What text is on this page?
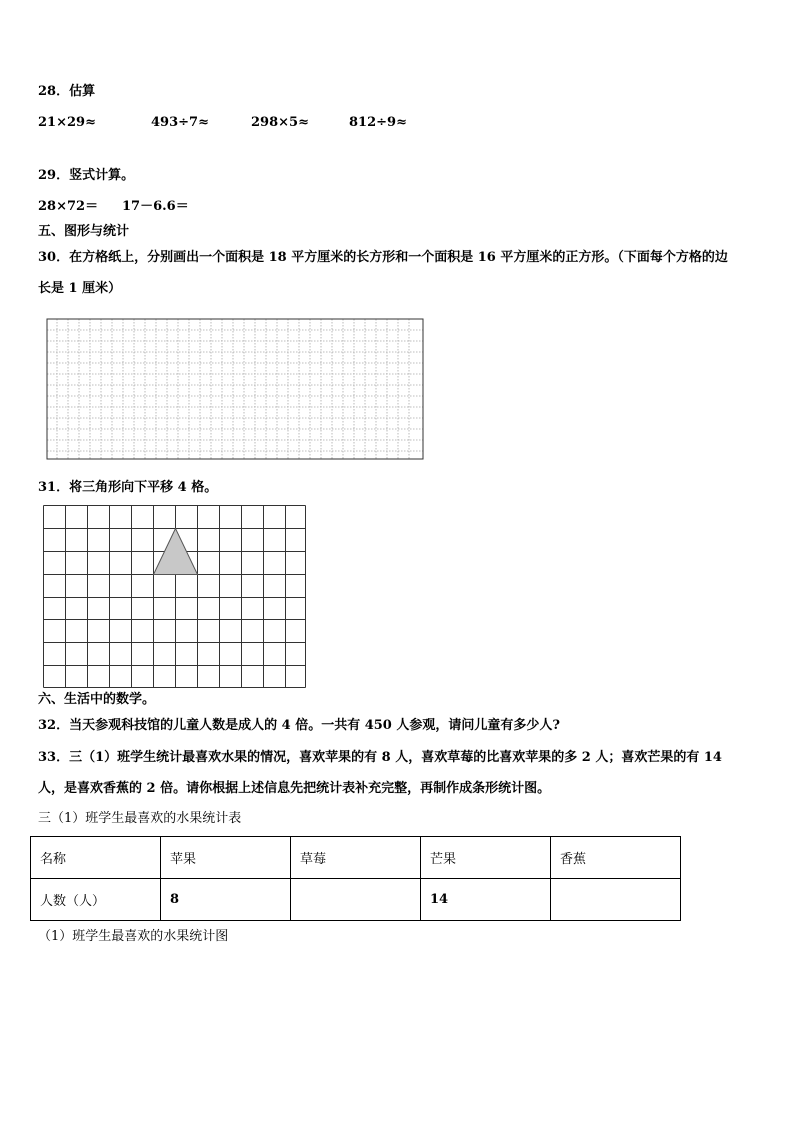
28．估算
21×29≈	493÷7≈	298×5≈	812÷9≈
29．竖式计算。
28×72＝ 17－6.6＝
五、图形与统计
30．在方格纸上，分别画出一个面积是 18 平方厘米的长方形和一个面积是 16 平方厘米的正方形。（下面每个方格的边
长是 1 厘米）
31．将三角形向下平移 4 格。
六、生活中的数学。
32．当天参观科技馆的儿童人数是成人的 4 倍。一共有 450 人参观，请问儿童有多少人?
33．三（1）班学生统计最喜欢水果的情况，喜欢苹果的有 8 人，喜欢草莓的比喜欢苹果的多 2 人；喜欢芒果的有 14
人，是喜欢香蕉的 2 倍。请你根据上述信息先把统计表补充完整，再制作成条形统计图。
三（1）班学生最喜欢的水果统计表
名称	苹果	草莓	芒果	香蕉
人数（人）	8		14	
（1）班学生最喜欢的水果统计图
